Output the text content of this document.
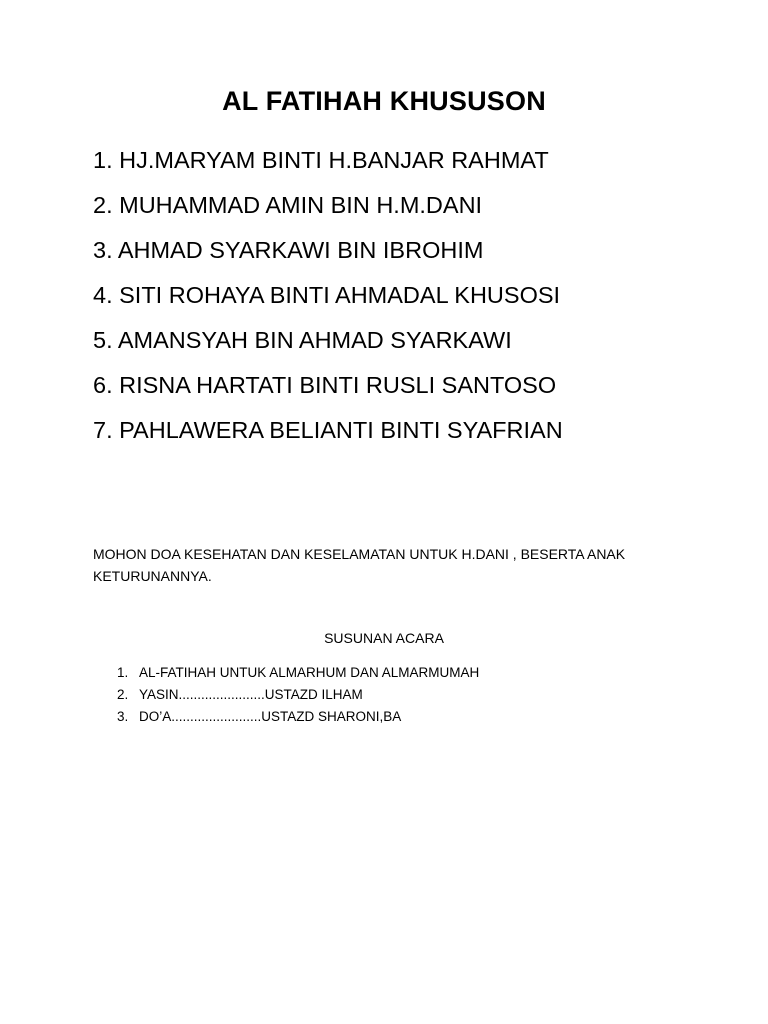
AL FATIHAH KHUSUSON
1. HJ.MARYAM BINTI H.BANJAR RAHMAT
2. MUHAMMAD AMIN BIN H.M.DANI
3. AHMAD SYARKAWI BIN IBROHIM
4. SITI ROHAYA BINTI AHMADAL KHUSOSI
5. AMANSYAH BIN AHMAD SYARKAWI
6. RISNA HARTATI BINTI RUSLI SANTOSO
7. PAHLAWERA BELIANTI BINTI SYAFRIAN

MOHON DOA KESEHATAN DAN KESELAMATAN UNTUK H.DANI , BESERTA ANAK KETURUNANNYA.

SUSUNAN ACARA
1. AL-FATIHAH UNTUK ALMARHUM DAN ALMARMUMAH
2. YASIN.......................USTAZD ILHAM
3. DO’A........................USTAZD SHARONI,BA
